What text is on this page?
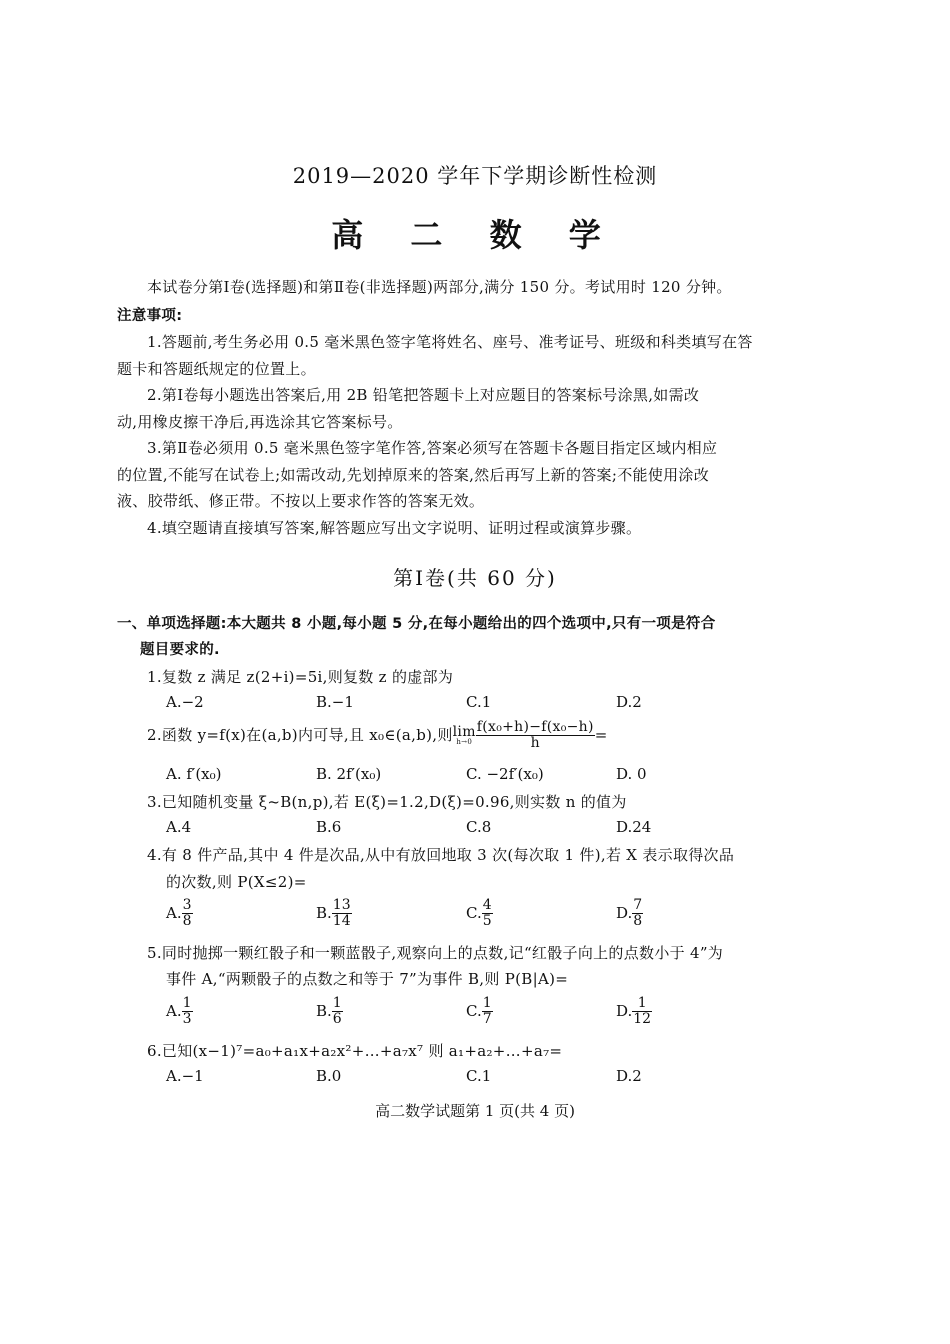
2019—2020 学年下学期诊断性检测
高 二 数 学
本试卷分第Ⅰ卷(选择题)和第Ⅱ卷(非选择题)两部分,满分 150 分。考试用时 120 分钟。
注意事项:
1.答题前,考生务必用 0.5 毫米黑色签字笔将姓名、座号、准考证号、班级和科类填写在答
题卡和答题纸规定的位置上。
2.第Ⅰ卷每小题选出答案后,用 2B 铅笔把答题卡上对应题目的答案标号涂黑,如需改
动,用橡皮擦干净后,再选涂其它答案标号。
3.第Ⅱ卷必须用 0.5 毫米黑色签字笔作答,答案必须写在答题卡各题目指定区域内相应
的位置,不能写在试卷上;如需改动,先划掉原来的答案,然后再写上新的答案;不能使用涂改
液、胶带纸、修正带。不按以上要求作答的答案无效。
4.填空题请直接填写答案,解答题应写出文字说明、证明过程或演算步骤。
第Ⅰ卷(共 60 分)
一、单项选择题:本大题共 8 小题,每小题 5 分,在每小题给出的四个选项中,只有一项是符合
题目要求的.
1.复数 z 满足 z(2+i)=5i,则复数 z 的虚部为
A.−2	B.−1	C.1	D.2
2.函数 y=f(x)在(a,b)内可导,且 x₀∈(a,b),则lim
$h\to 0 \frac{\text{f(x₀+h)−f(x₀−h)}}{h}$ =
A. f′(x₀)	B. 2f′(x₀)	C. −2f′(x₀)	D. 0
3.已知随机变量 ξ~B(n,p),若 E(ξ)=1.2,D(ξ)=0.96,则实数 n 的值为
A.4	B.6	C.8	D.24
4.有 8 件产品,其中 4 件是次品,从中有放回地取 3 次(每次取 1 件),若 X 表示取得次品
的次数,则 P(X≤2)=
A. $\frac{3}{8}$	B. $\frac{13}{14}$	C. $\frac{4}{5}$	D. $\frac{7}{8}$
5.同时抛掷一颗红骰子和一颗蓝骰子,观察向上的点数,记“红骰子向上的点数小于 4”为
事件 A,“两颗骰子的点数之和等于 7”为事件 B,则 P(B|A)=
A. $\frac{1}{3}$	B. $\frac{1}{6}$	C. $\frac{1}{7}$	D. $\frac{1}{12}$
6.已知(x−1)⁷=a₀+a₁x+a₂x²+…+a₇x⁷ 则 a₁+a₂+…+a₇=
A.−1	B.0	C.1	D.2
高二数学试题第 1 页(共 4 页)
